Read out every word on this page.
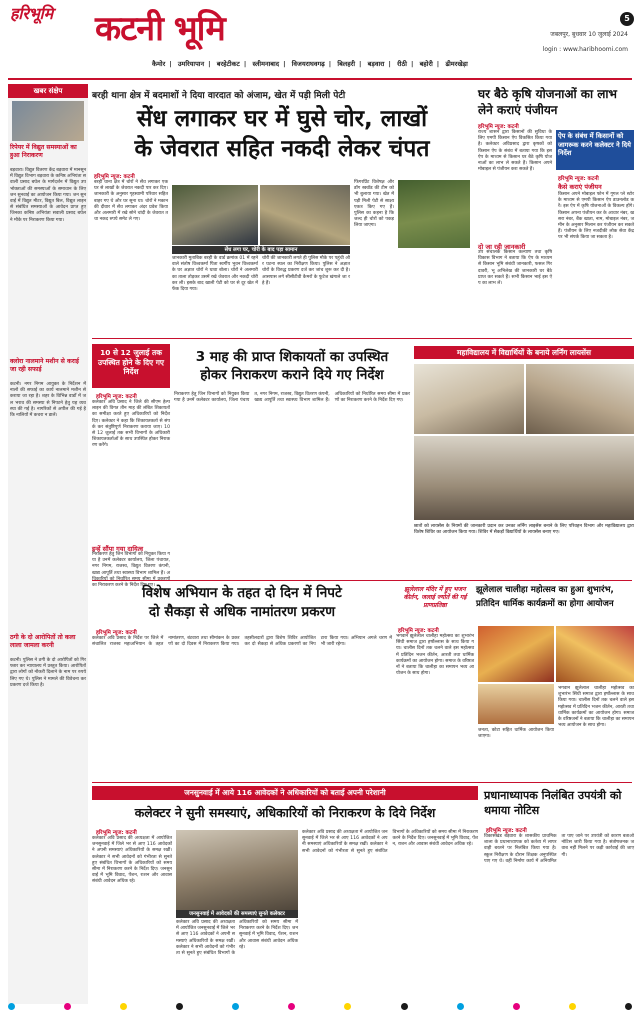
हरिभूमि कटनी भूमि	5
जबलपुर, बुधवार 10 जुलाई 2024
login : www.haribhoomi.com
कैमोर | उमरियापान | बरहेटीकट | स्लीमनाबाद | विजयराघवगढ़ | बिलहरी | बड़वारा | रीठी | बहोरी | ढीमरखेड़ा
खबर संक्षेप
रिपेयर में विद्युत समस्याओं का हुआ निराकरण
बड़वारा। विद्युत वितरण केंद्र बड़वारा में मानसून में विद्युत विभाग बड़वारा के कनिष्ठ अभियंता सवाली प्रसाद बघेल के मार्गदर्शन में विद्युत उपभोक्ताओं की समस्याओं के समाधान के लिए जन सुनवाई का आयोजन किया गया। जन सुनवाई में विद्युत मीटर, विद्युत बिल, विद्युत लाइन से संबंधित समस्याओं के आवेदन प्राप्त हुए जिनका कनिष्ठ अभियंता सवाली प्रसाद बघेल ने मौके पर निराकरण किया गया।
क्लोरा नालमाने मशीन से कराई जा रही सफाई
कटनी। नगर निगम आयुक्त के निर्देशन में नालों की सफाई का कार्य नालमाने मशीन से कराया जा रहा है। शहर के विभिन्न वार्डों में जल भराव की समस्या से निपटने हेतु यह व्यवस्था की गई है। नागरिकों से अपील की गई है कि नालियों में कचरा न डालें।
ठगी के दो आरोपितों तो कला लाला जामला करनी
कटनी। पुलिस ने ठगी के दो आरोपितों को गिरफ्तार कर न्यायालय में प्रस्तुत किया। आरोपितों द्वारा लोगों को नौकरी दिलाने के नाम पर रुपये लिए गए थे। पुलिस ने मामले की विवेचना कर प्रकरण दर्ज किया है।
बरही थाना क्षेत्र में बदमाशों ने दिया वारदात को अंजाम, खेत में पड़ी मिली पेटी
सेंध लगाकर घर में घुसे चोर, लाखों
के जेवरात सहित नकदी लेकर चंपत
हरिभूमि न्यूज: कटनी
बरही थाना क्षेत्र में चोरों ने सेंध लगाकर एक घर से लाखों के जेवरात नकदी पार कर दिए। जानकारी के अनुसार गृहस्वामी परिवार सहित बाहर गए थे और घर सूना था। चोरों ने मकान की दीवार में सेंध लगाकर अंदर प्रवेश किया और अलमारी में रखे सोने चांदी के जेवरात तथा नकद रुपये समेट ले गए।
सेंध लगा घर, चोरी के बाद पड़ा सामान
जानकारी मुताबिक बरही के वार्ड क्रमांक 01 में रहने वाले संतोष विश्वकर्मा पिता स्वर्गीय भुवन विश्वकर्मा के घर अज्ञात चोरों ने धावा बोला। चोरों ने अलमारी का ताला तोड़कर उसमें रखे जेवरात और नकदी चोरी कर ली। इसके बाद खाली पेटी को घर से दूर खेत में फेंक दिया गया।
चोरी की जानकारी लगते ही पुलिस मौके पर पहुंची और घटना स्थल का निरीक्षण किया। पुलिस ने अज्ञात चोरों के विरुद्ध प्रकरण दर्ज कर जांच शुरू कर दी है। आसपास लगे सीसीटीवी कैमरों के फुटेज खंगाले जा रहे हैं।
फिंगरप्रिंट विशेषज्ञ और डॉग स्क्वॉड की टीम को भी बुलाया गया। खेत में पड़ी मिली पेटी से साक्ष्य एकत्र किए गए हैं। पुलिस का कहना है कि जल्द ही चोरों को पकड़ लिया जाएगा।
घर बैठे कृषि योजनाओं का लाभ लेने कराएं पंजीयन
हरिभूमि न्यूज: कटनी
राज्य शासन द्वारा किसानों की सुविधा के लिए एमपी किसान ऐप विकसित किया गया है। कलेक्टर अविप्रसाद द्वारा कृषकों को किसान ऐप के संबंध में बताया गया कि इस ऐप के माध्यम से किसान घर बैठे कृषि योजनाओं का लाभ ले सकते हैं। किसान अपने मोबाइल से पंजीयन करा सकते हैं।
दो जा रही जानकारी
उप संचालक किसान कल्याण तथा कृषि विकास विभाग ने बताया कि ऐप के माध्यम से किसान भूमि संबंधी जानकारी, फसल गिरदावरी, भू अभिलेख की जानकारी घर बैठे प्राप्त कर सकते हैं। सभी किसान भाई इस ऐप का लाभ लें।
ऐप के संबंध में किसानों को जागरूक करने कलेक्टर ने दिये निर्देश
हरिभूमि न्यूज: कटनी
कैसे कराएं पंजीयन
किसान अपने मोबाइल फोन में गूगल प्ले स्टोर के माध्यम से एमपी किसान ऐप डाउनलोड करें। इस ऐप में कृषि योजनाओं के विकल्प होंगे। किसान अपना पंजीयन कर के आधार नंबर, खसरा नंबर, बैंक खाता, नाम, मोबाइल नंबर, जमीन के अनुसार मिलान कर पंजीयन कर सकते हैं। पंजीयन के लिए नजदीकी लोक सेवा केंद्र पर भी संपर्क किया जा सकता है।
10 से 12 जुलाई तक उपस्थित होने के दिए गए निर्देश
3 माह की प्राप्त शिकायतों का उपस्थित
होकर निराकरण कराने दिये गए निर्देश
हरिभूमि न्यूज: कटनी
कलेक्टर अवि प्रसाद ने जिले की सीएम हेल्पलाइन की विगत तीन माह की लंबित शिकायतों का समीक्षा करते हुए अधिकारियों को निर्देश दिए। कलेक्टर ने कहा कि शिकायतकर्ता से संपर्क कर संतुष्टिपूर्ण निराकरण कराया जाए। 10 से 12 जुलाई तक सभी विभागों के अधिकारी शिकायतकर्ताओं के साथ उपस्थित होकर निराकरण करेंगे।
इन्हें सौंपा गया दायित्व
निराकरण हेतु जिन विभागों को नियुक्त किया गया है उनमें कलेक्टर कार्यालय, जिला पंचायत, नगर निगम, राजस्व, विद्युत वितरण कंपनी, खाद्य आपूर्ति तथा स्वास्थ्य विभाग शामिल हैं। अ का निराकरण करने के निर्देश दिए गए।
निराकरण हेतु जिन विभागों को नियुक्त किया गया है उनमें कलेक्टर कार्यालय, जिला पंचायत, नगर निगम, राजस्व, विद्युत वितरण कंपनी, खाद्य आपूर्ति तथा स्वास्थ्य विभाग शामिल हैं। अधिकारियों को निर्धारित समय सीमा में प्रकरणों का निराकरण करने के निर्देश दिए गए।
महाविद्यालय में विद्यार्थियों के बनाये लर्निंग लायसेंस
छात्रों को लायसेंस के नियमों की जानकारी प्रदान कर उनका लर्निंग लाइसेंस बनाने के लिए परिवहन विभाग और महाविद्यालय द्वारा विशेष शिविर का आयोजन किया गया। शिविर में सैकड़ों विद्यार्थियों के लायसेंस बनाए गए।
विशेष अभियान के तहत दो दिन में निपटे
दो सैकड़ा से अधिक नामांतरण प्रकरण
हरिभूमि न्यूज: कटनी
कलेक्टर अवि प्रसाद के निर्देश पर जिले में संचालित राजस्व महाअभियान के तहत नामांतरण, बंटवारा तथा सीमांकन के प्रकरणों का दो दिवस में निराकरण किया गया। तहसीलदारों द्वारा विशेष शिविर आयोजित कर दो सैकड़ा से अधिक प्रकरणों का निपटारा किया गया। अभियान अगले चरण में भी जारी रहेगा।
झूलेलाल मंदिर में हुए भजन कीर्तन, जलाई ज्योतें की गई प्राणप्रतिष्ठा
झूलेलाल चालीहा महोत्सव का हुआ शुभारंभ,
प्रतिदिन धार्मिक कार्यक्रमों का होगा आयोजन
हरिभूमि न्यूज: कटनी
भगवान झूलेलाल चालीहा महोत्सव का शुभारंभ सिंधी समाज द्वारा हर्षोल्लास के साथ किया गया। चालीस दिनों तक चलने वाले इस महोत्सव में प्रतिदिन भजन कीर्तन, आरती तथा धार्मिक कार्यक्रमों का आयोजन होगा। समाज के वरिष्ठजनों ने बताया कि चालीहा का समापन भव्य आयोजन के साथ होगा।
जनता, कोटा सहित धार्मिक आयोजन किया जाएगा।
भगवान झूलेलाल चालीहा महोत्सव का शुभारंभ सिंधी समाज द्वारा हर्षोल्लास के साथ किया गया। चालीस दिनों तक चलने वाले इस महोत्सव में प्रतिदिन भजन कीर्तन, आरती तथा धार्मिक कार्यक्रमों का आयोजन होगा। समाज के वरिष्ठजनों ने बताया कि चालीहा का समापन भव्य आयोजन के साथ होगा।
जनसुनवाई में आये 116 आवेदकों ने अधिकारियों को बताई अपनी परेशानी
कलेक्टर ने सुनी समस्याएं, अधिकारियों को निराकरण के दिये निर्देश
हरिभूमि न्यूज: कटनी
कलेक्टर अवि प्रसाद की अध्यक्षता में आयोजित जनसुनवाई में जिले भर से आए 116 आवेदकों ने अपनी समस्याएं अधिकारियों के समक्ष रखीं। कलेक्टर ने सभी आवेदनों को गंभीरता से सुनते हुए संबंधित विभागों के अधिकारियों को समय सीमा में निराकरण करने के निर्देश दिए। जनसुनवाई में भूमि विवाद, पेंशन, राशन और आवास संबंधी आवेदन अधिक रहे।
जनसुनवाई में आवेदकों की समस्याएं सुनते कलेक्टर
कलेक्टर अवि प्रसाद की अध्यक्षता में आयोजित जनसुनवाई में जिले भर से आए 116 आवेदकों ने अपनी समस्याएं अधिकारियों के समक्ष रखीं। कलेक्टर ने सभी आवेदनों को गंभीरता से सुनते हुए संबंधित विभागों के अधिकारियों को समय सीमा में निराकरण करने के निर्देश दिए। जनसुनवाई में भूमि विवाद, पेंशन, राशन और आवास संबंधी आवेदन अधिक रहे।
कलेक्टर अवि प्रसाद की अध्यक्षता में आयोजित जनसुनवाई में जिले भर से आए 116 आवेदकों ने अपनी समस्याएं अधिकारियों के समक्ष रखीं। कलेक्टर ने सभी आवेदनों को गंभीरता से सुनते हुए संबंधित विभागों के अधिकारियों को समय सीमा में निराकरण करने के निर्देश दिए। जनसुनवाई में भूमि विवाद, पेंशन, राशन और आवास संबंधी आवेदन अधिक रहे।
प्रधानाध्यापक निलंबित उपयंत्री को थमाया नोटिस
हरिभूमि न्यूज: कटनी
विकासखंड बड़वारा के शासकीय प्राथमिक शाला के प्रधानाध्यापक को कर्तव्य में लापरवाही बरतने पर निलंबित किया गया है। स्कूल निरीक्षण के दौरान शिक्षक अनुपस्थित पाए गए थे। वहीं निर्माण कार्य में अनियमितता पाए जाने पर उपयंत्री को कारण बताओ नोटिस जारी किया गया है। संतोषजनक जवाब नहीं मिलने पर कड़ी कार्रवाई की जाएगी।
